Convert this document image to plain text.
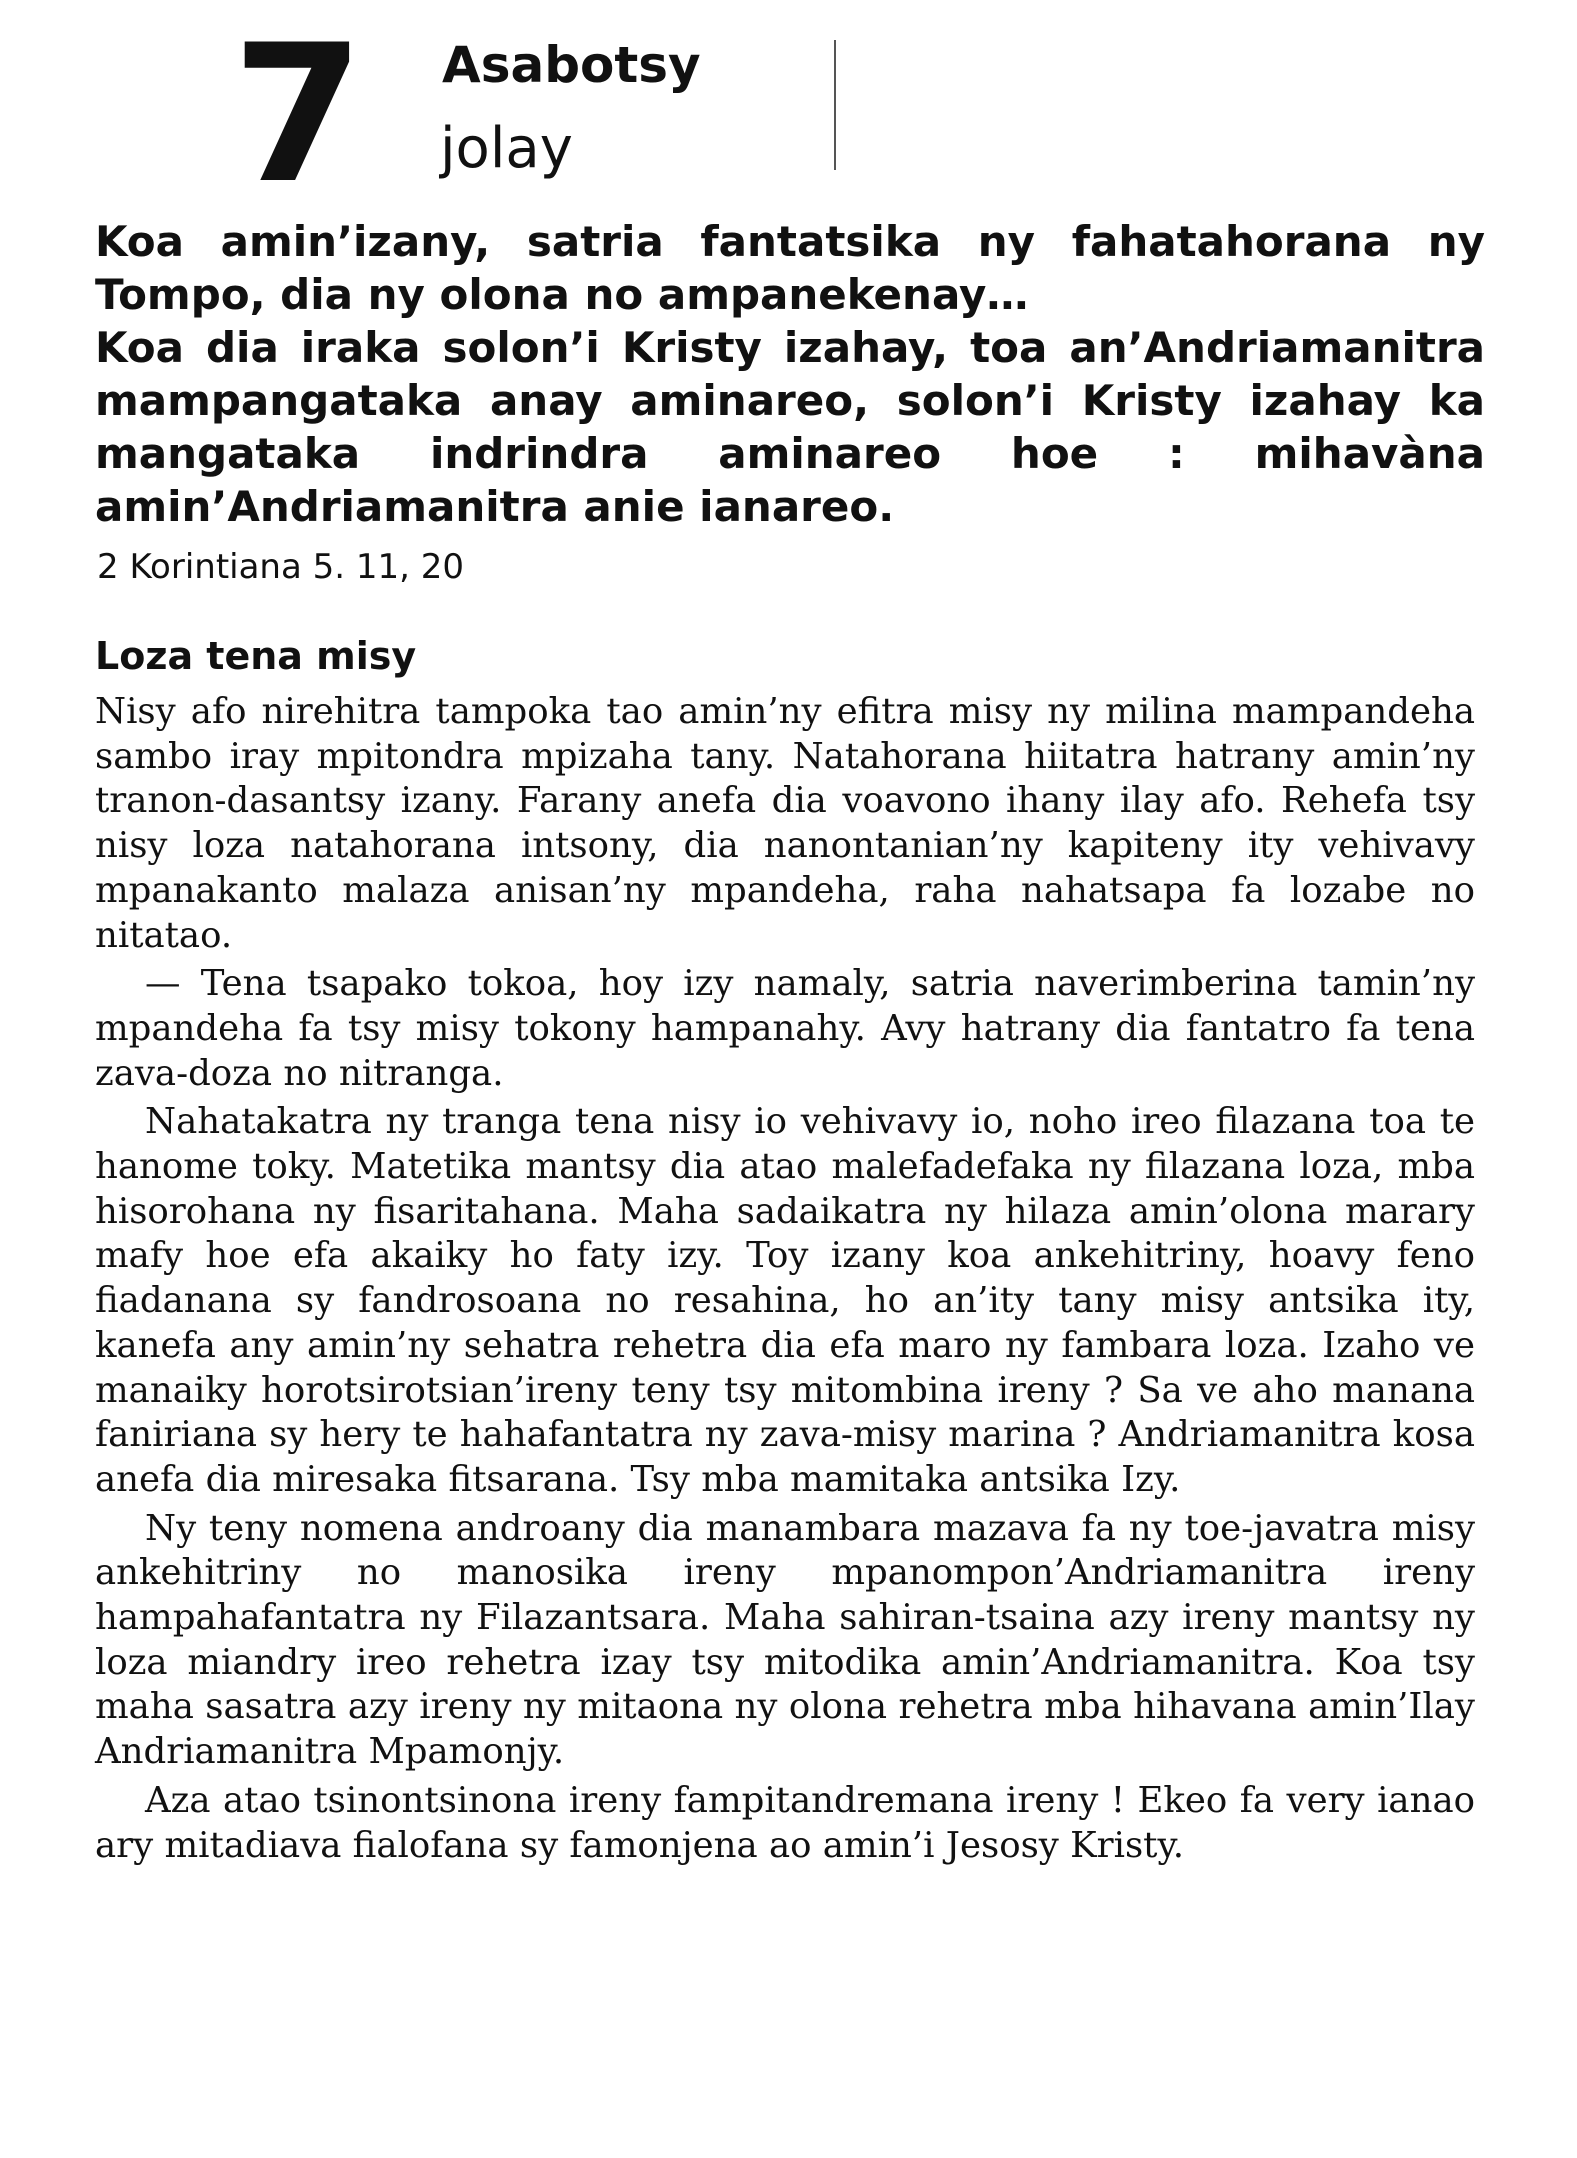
7 Asabotsy
jolay

Koa amin’izany, satria fantatsika ny fahatahorana ny Tompo, dia ny olona no ampanekenay…

Koa dia iraka solon’i Kristy izahay, toa an’Andriamanitra mampangataka anay aminareo, solon’i Kristy izahay ka mangataka indrindra aminareo hoe : mihavàna amin’Andriamanitra anie ianareo.

2 Korintiana 5. 11, 20
Loza tena misy

Nisy afo nirehitra tampoka tao amin’ny efitra misy ny milina mampandeha sambo iray mpitondra mpizaha tany. Natahorana hiitatra hatrany amin’ny tranon-dasantsy izany. Farany anefa dia voavono ihany ilay afo. Rehefa tsy nisy loza natahorana intsony, dia nanontanian’ny kapiteny ity vehivavy mpanakanto malaza anisan’ny mpandeha, raha nahatsapa fa lozabe no nitatao.

— Tena tsapako tokoa, hoy izy namaly, satria naverimberina tamin’ny mpandeha fa tsy misy tokony hampanahy. Avy hatrany dia fantatro fa tena zava-doza no nitranga.

Nahatakatra ny tranga tena nisy io vehivavy io, noho ireo filazana toa te hanome toky. Matetika mantsy dia atao malefadefaka ny filazana loza, mba hisorohana ny fisaritahana. Maha sadaikatra ny hilaza amin’olona marary mafy hoe efa akaiky ho faty izy. Toy izany koa ankehitriny, hoavy feno fiadanana sy fandrosoana no resahina, ho an’ity tany misy antsika ity, kanefa any amin’ny sehatra rehetra dia efa maro ny fambara loza. Izaho ve manaiky horotsirotsian’ireny teny tsy mitombina ireny ? Sa ve aho manana faniriana sy hery te hahafantatra ny zava-misy marina ? Andriamanitra kosa anefa dia miresaka fitsarana. Tsy mba mamitaka antsika Izy.

Ny teny nomena androany dia manambara mazava fa ny toe-javatra misy ankehitriny no manosika ireny mpanompon’Andriamanitra ireny hampahafantatra ny Filazantsara. Maha sahiran-tsaina azy ireny mantsy ny loza miandry ireo rehetra izay tsy mitodika amin’Andriamanitra. Koa tsy maha sasatra azy ireny ny mitaona ny olona rehetra mba hihavana amin’Ilay Andriamanitra Mpamonjy.

Aza atao tsinontsinona ireny fampitandremana ireny ! Ekeo fa very ianao ary mitadiava fialofana sy famonjena ao amin’i Jesosy Kristy.
